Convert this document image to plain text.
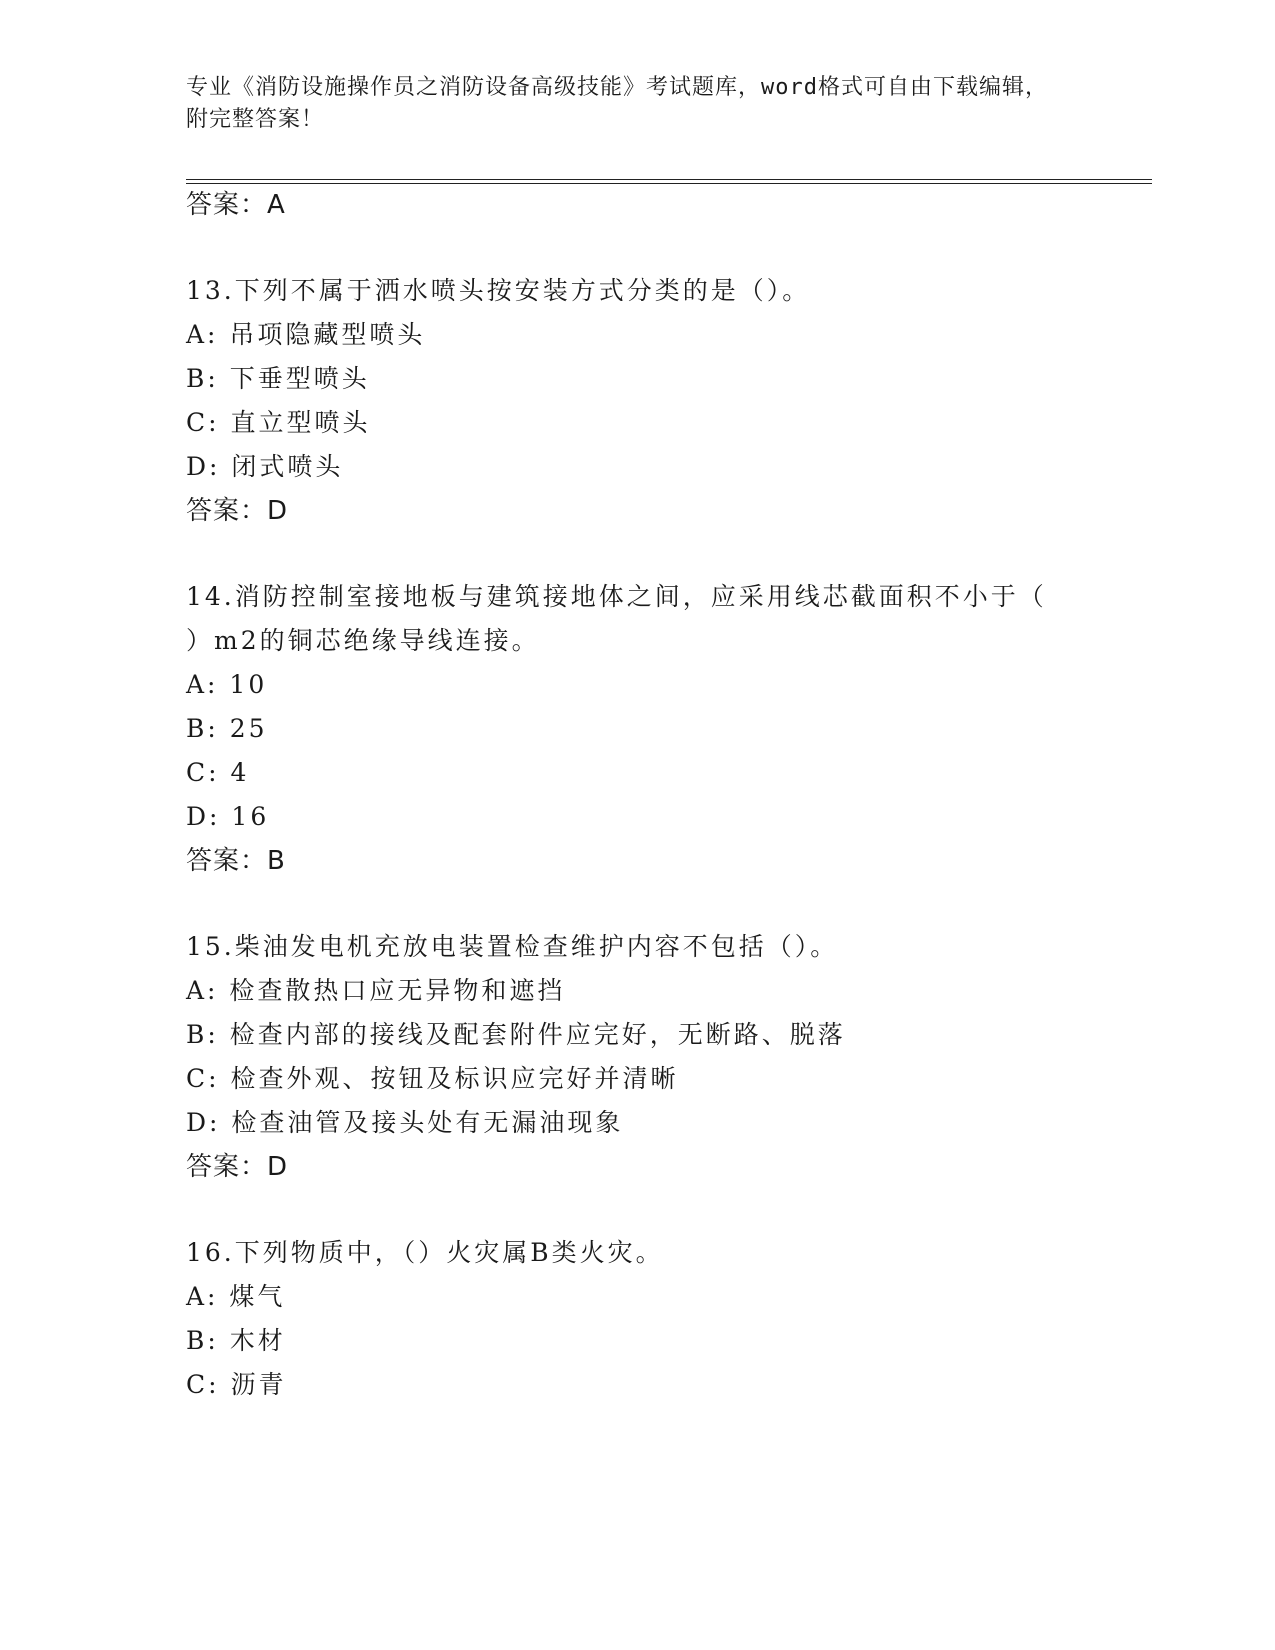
专业《消防设施操作员之消防设备高级技能》考试题库，word格式可自由下载编辑，附完整答案！
答案：A
13.下列不属于洒水喷头按安装方式分类的是（）。
A: 吊项隐藏型喷头
B: 下垂型喷头
C: 直立型喷头
D: 闭式喷头
答案：D
14.消防控制室接地板与建筑接地体之间，应采用线芯截面积不小于（
）m2的铜芯绝缘导线连接。
A: 10
B: 25
C: 4
D: 16
答案：B
15.柴油发电机充放电装置检查维护内容不包括（）。
A: 检查散热口应无异物和遮挡
B: 检查内部的接线及配套附件应完好，无断路、脱落
C: 检查外观、按钮及标识应完好并清晰
D: 检查油管及接头处有无漏油现象
答案：D
16.下列物质中，（）火灾属B类火灾。
A: 煤气
B: 木材
C: 沥青
